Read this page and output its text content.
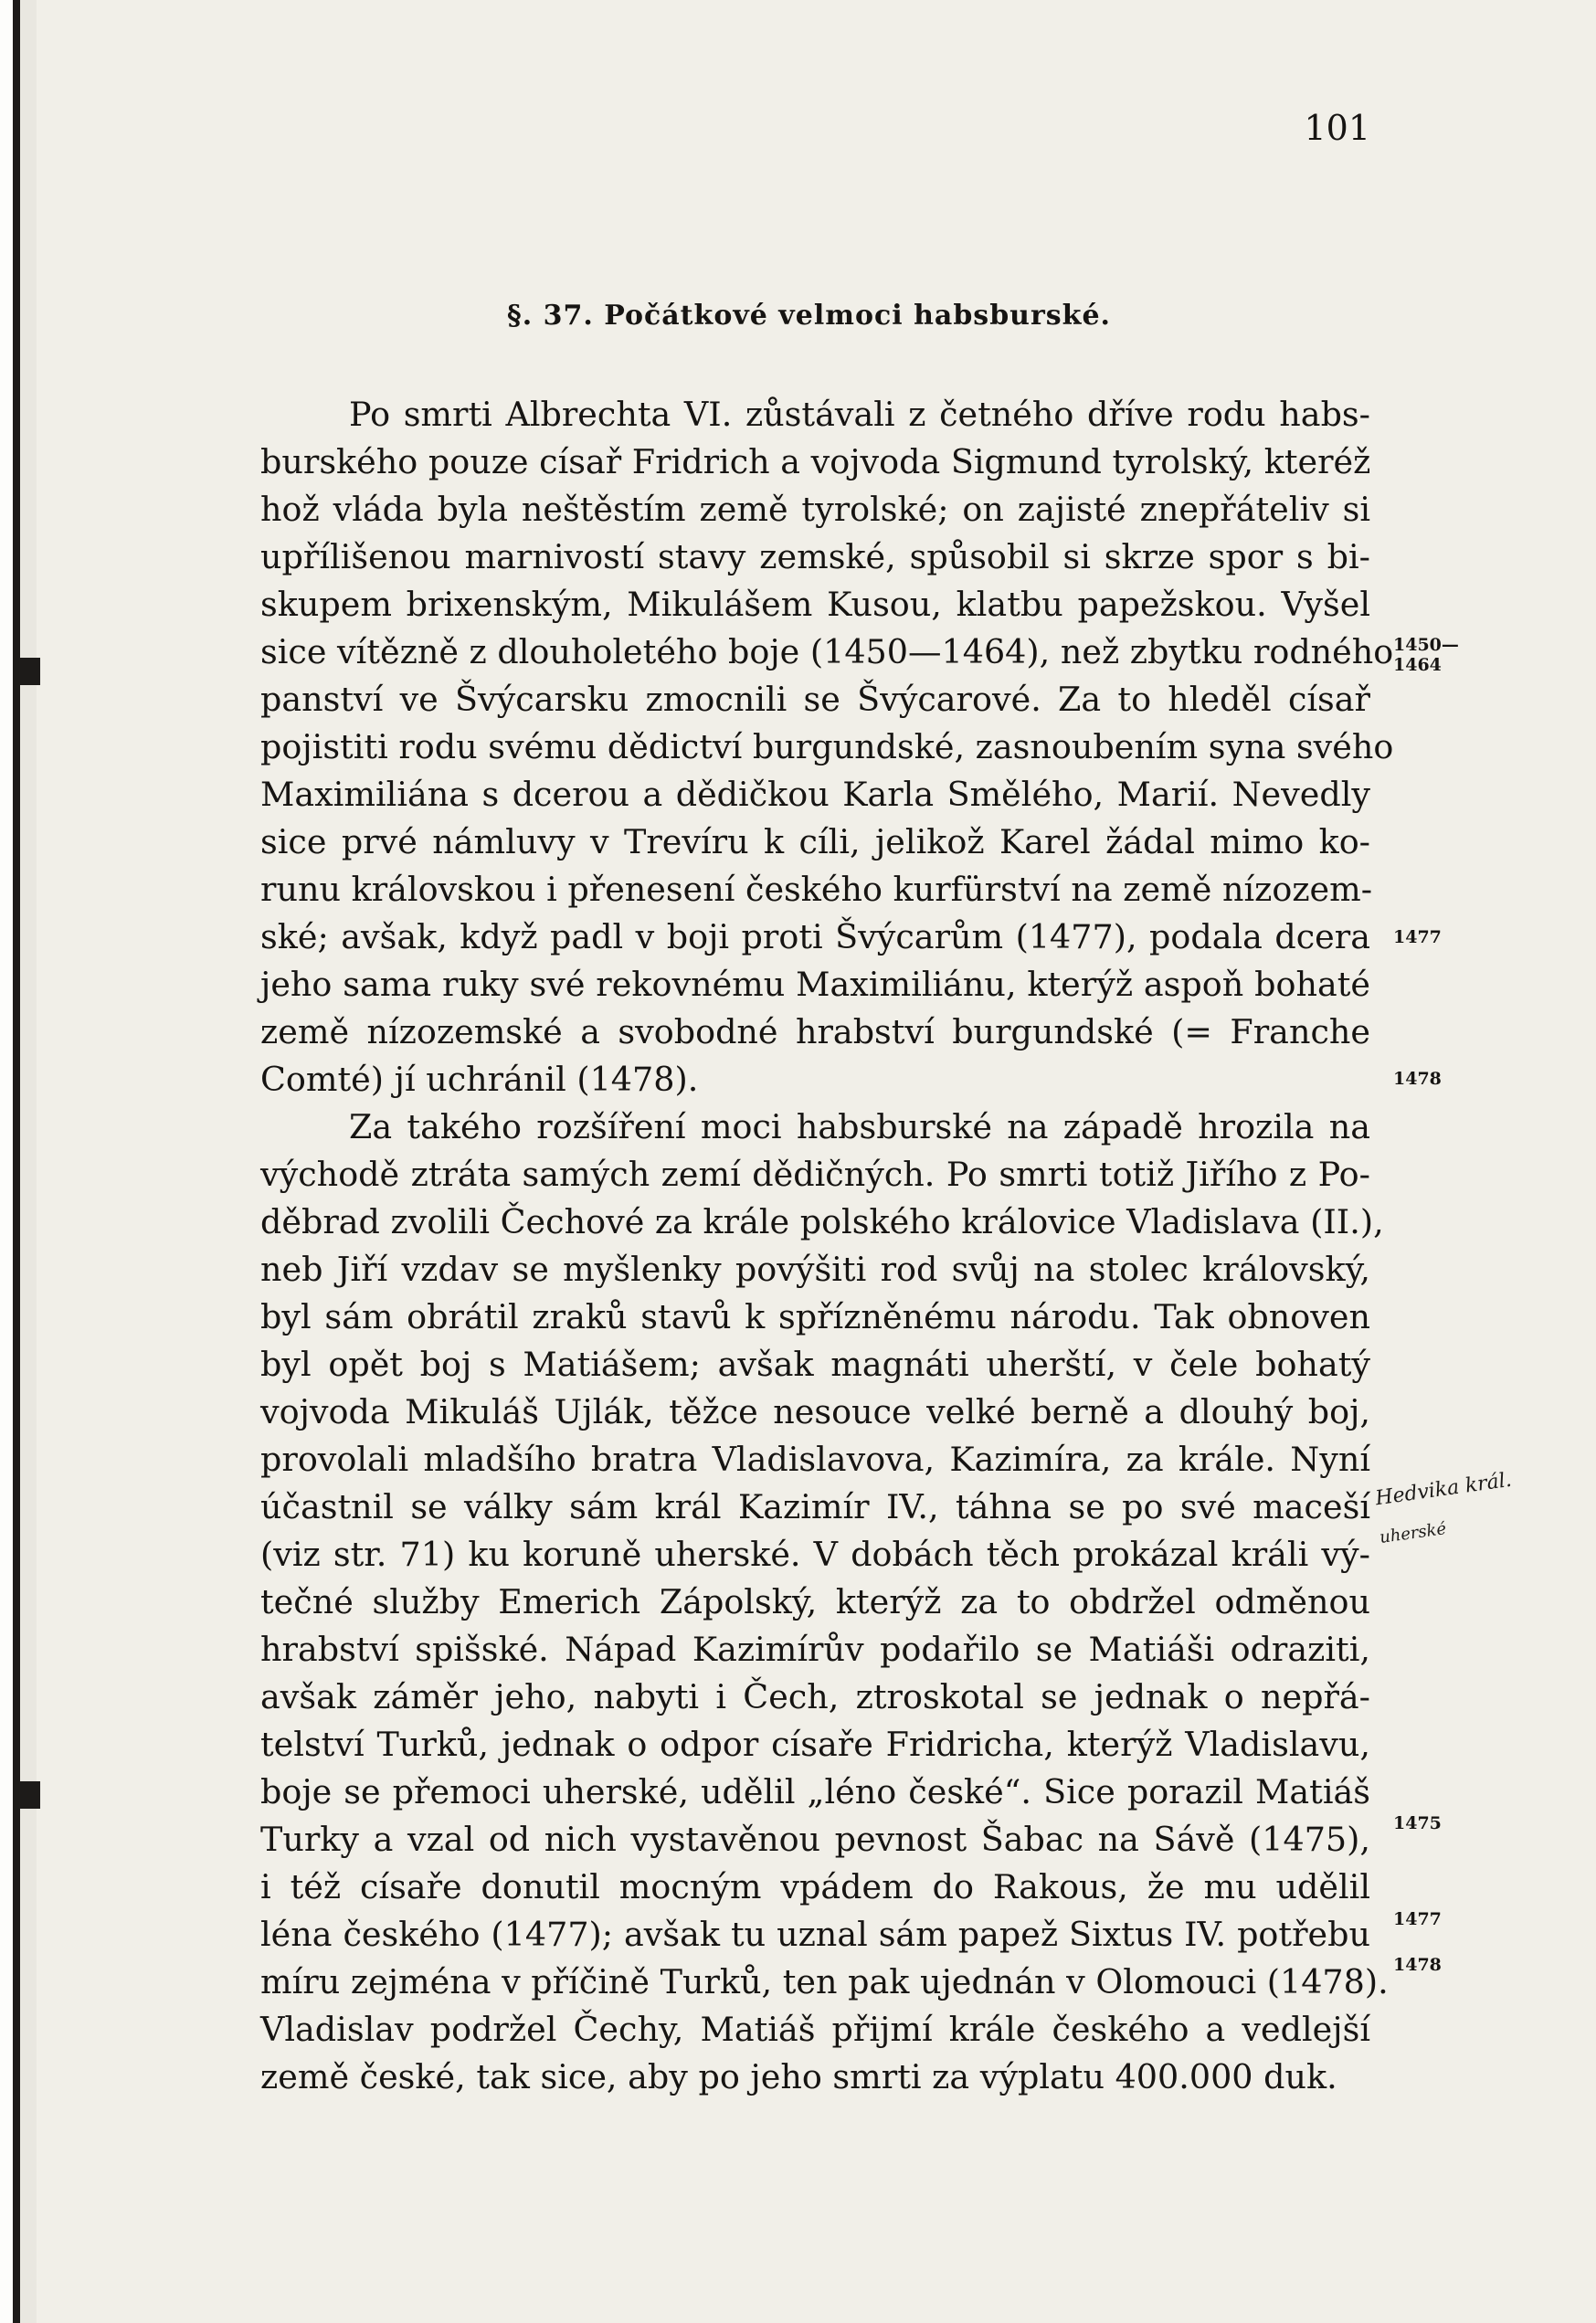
101
§. 37. Počátkové velmoci habsburské.
Po smrti Albrechta VI. zůstávali z četného dříve rodu habs-
burského pouze císař Fridrich a vojvoda Sigmund tyrolský, kteréž
hož vláda byla neštěstím země tyrolské; on zajisté znepřáteliv si
upřílišenou marnivostí stavy zemské, spůsobil si skrze spor s bi-
skupem brixenským, Mikulášem Kusou, klatbu papežskou. Vyšel
sice vítězně z dlouholetého boje (1450—1464), než zbytku rodného
panství ve Švýcarsku zmocnili se Švýcarové. Za to hleděl císař
pojistiti rodu svému dědictví burgundské, zasnoubením syna svého
Maximiliána s dcerou a dědičkou Karla Smělého, Marií. Nevedly
sice prvé námluvy v Trevíru k cíli, jelikož Karel žádal mimo ko-
runu královskou i přenesení českého kurfürství na země nízozem-
ské; avšak, když padl v boji proti Švýcarům (1477), podala dcera
jeho sama ruky své rekovnému Maximiliánu, kterýž aspoň bohaté
země nízozemské a svobodné hrabství burgundské (= Franche
Comté) jí uchránil (1478).
Za takého rozšíření moci habsburské na západě hrozila na
východě ztráta samých zemí dědičných. Po smrti totiž Jiřího z Po-
děbrad zvolili Čechové za krále polského královice Vladislava (II.),
neb Jiří vzdav se myšlenky povýšiti rod svůj na stolec královský,
byl sám obrátil zraků stavů k spřízněnému národu. Tak obnoven
byl opět boj s Matiášem; avšak magnáti uherští, v čele bohatý
vojvoda Mikuláš Ujlák, těžce nesouce velké berně a dlouhý boj,
provolali mladšího bratra Vladislavova, Kazimíra, za krále. Nyní
účastnil se války sám král Kazimír IV., táhna se po své maceší
(viz str. 71) ku koruně uherské. V dobách těch prokázal králi vý-
tečné služby Emerich Zápolský, kterýž za to obdržel odměnou
hrabství spišské. Nápad Kazimírův podařilo se Matiáši odraziti,
avšak záměr jeho, nabyti i Čech, ztroskotal se jednak o nepřá-
telství Turků, jednak o odpor císaře Fridricha, kterýž Vladislavu,
boje se přemoci uherské, udělil „léno české“. Sice porazil Matiáš
Turky a vzal od nich vystavěnou pevnost Šabac na Sávě (1475),
i též císaře donutil mocným vpádem do Rakous, že mu udělil
léna českého (1477); avšak tu uznal sám papež Sixtus IV. potřebu
míru zejména v příčině Turků, ten pak ujednán v Olomouci (1478).
Vladislav podržel Čechy, Matiáš přijmí krále českého a vedlejší
země české, tak sice, aby po jeho smrti za výplatu 400.000 duk.
1450—
1464
1477
1478
1475
1477
1478
Hedvika král.
uherské
